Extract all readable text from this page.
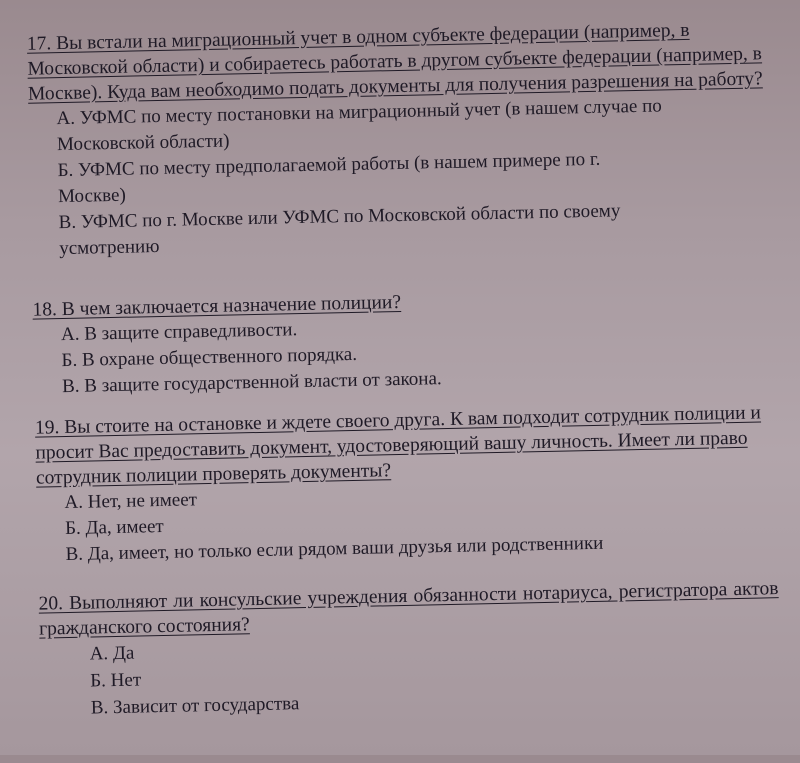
17. Вы встали на миграционный учет в одном субъекте федерации (например, в Московской области) и собираетесь работать в другом субъекте федерации (например, в Москве). Куда вам необходимо подать документы для получения разрешения на работу?

А. УФМС по месту постановки на миграционный учет (в нашем случае по Московской области)
Б. УФМС по месту предполагаемой работы (в нашем примере по г. Москве)
В. УФМС по г. Москве или УФМС по Московской области по своему усмотрению

18. В чем заключается назначение полиции?

А. В защите справедливости.
Б. В охране общественного порядка.
В. В защите государственной власти от закона.

19. Вы стоите на остановке и ждете своего друга. К вам подходит сотрудник полиции и просит Вас предоставить документ, удостоверяющий вашу личность. Имеет ли право сотрудник полиции проверять документы?

А. Нет, не имеет
Б. Да, имеет
В. Да, имеет, но только если рядом ваши друзья или родственники

20. Выполняют ли консульские учреждения обязанности нотариуса, регистратора актов гражданского состояния?

А. Да
Б. Нет
В. Зависит от государства
